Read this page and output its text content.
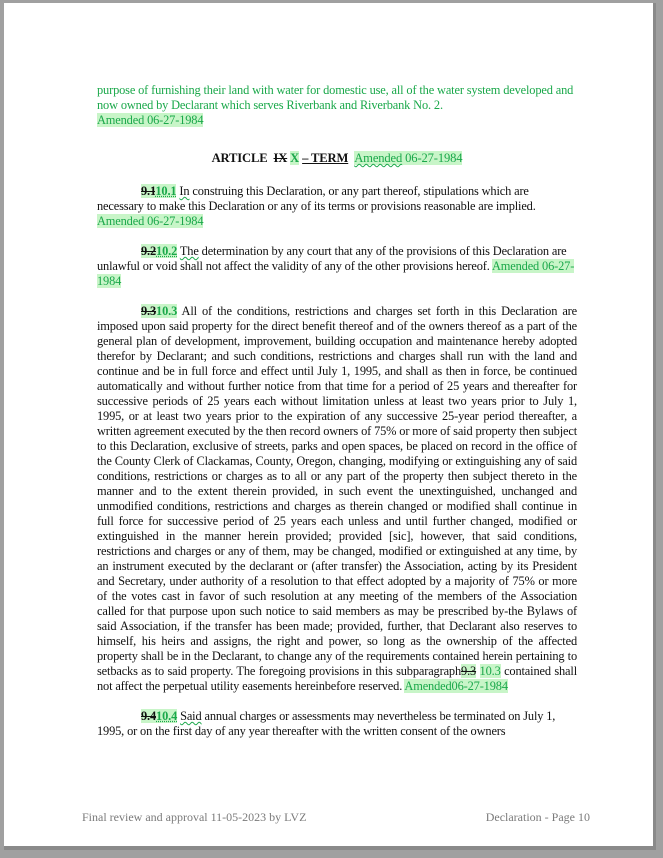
purpose of furnishing their land with water for domestic use, all of the water system developed and now owned by Declarant which serves Riverbank and Riverbank No. 2.
Amended 06-27-1984

ARTICLE IX X – TERM Amended 06-27-1984

9.110.1 In construing this Declaration, or any part thereof, stipulations which are necessary to make this Declaration or any of its terms or provisions reasonable are implied.
Amended 06-27-1984

9.210.2 The determination by any court that any of the provisions of this Declaration are unlawful or void shall not affect the validity of any of the other provisions hereof. Amended 06-27-1984

9.310.3 All of the conditions, restrictions and charges set forth in this Declaration are imposed upon said property for the direct benefit thereof and of the owners thereof as a part of the general plan of development, improvement, building occupation and maintenance hereby adopted therefor by Declarant; and such conditions, restrictions and charges shall run with the land and continue and be in full force and effect until July 1, 1995, and shall as then in force, be continued automatically and without further notice from that time for a period of 25 years and thereafter for successive periods of 25 years each without limitation unless at least two years prior to July 1, 1995, or at least two years prior to the expiration of any successive 25-year period thereafter, a written agreement executed by the then record owners of 75% or more of said property then subject to this Declaration, exclusive of streets, parks and open spaces, be placed on record in the office of the County Clerk of Clackamas, County, Oregon, changing, modifying or extinguishing any of said conditions, restrictions or charges as to all or any part of the property then subject thereto in the manner and to the extent therein provided, in such event the unextinguished, unchanged and unmodified conditions, restrictions and charges as therein changed or modified shall continue in full force for successive period of 25 years each unless and until further changed, modified or extinguished in the manner herein provided; provided [sic], however, that said conditions, restrictions and charges or any of them, may be changed, modified or extinguished at any time, by an instrument executed by the declarant or (after transfer) the Association, acting by its President and Secretary, under authority of a resolution to that effect adopted by a majority of 75% or more of the votes cast in favor of such resolution at any meeting of the members of the Association called for that purpose upon such notice to said members as may be prescribed by-the Bylaws of said Association, if the transfer has been made; provided, further, that Declarant also reserves to himself, his heirs and assigns, the right and power, so long as the ownership of the affected property shall be in the Declarant, to change any of the requirements contained herein pertaining to setbacks as to said property. The foregoing provisions in this subparagraph9.3 10.3 contained shall not affect the perpetual utility easements hereinbefore reserved. Amended06-27-1984

9.410.4 Said annual charges or assessments may nevertheless be terminated on July 1, 1995, or on the first day of any year thereafter with the written consent of the owners

Final review and approval 11-05-2023 by LVZ	Declaration - Page 10
